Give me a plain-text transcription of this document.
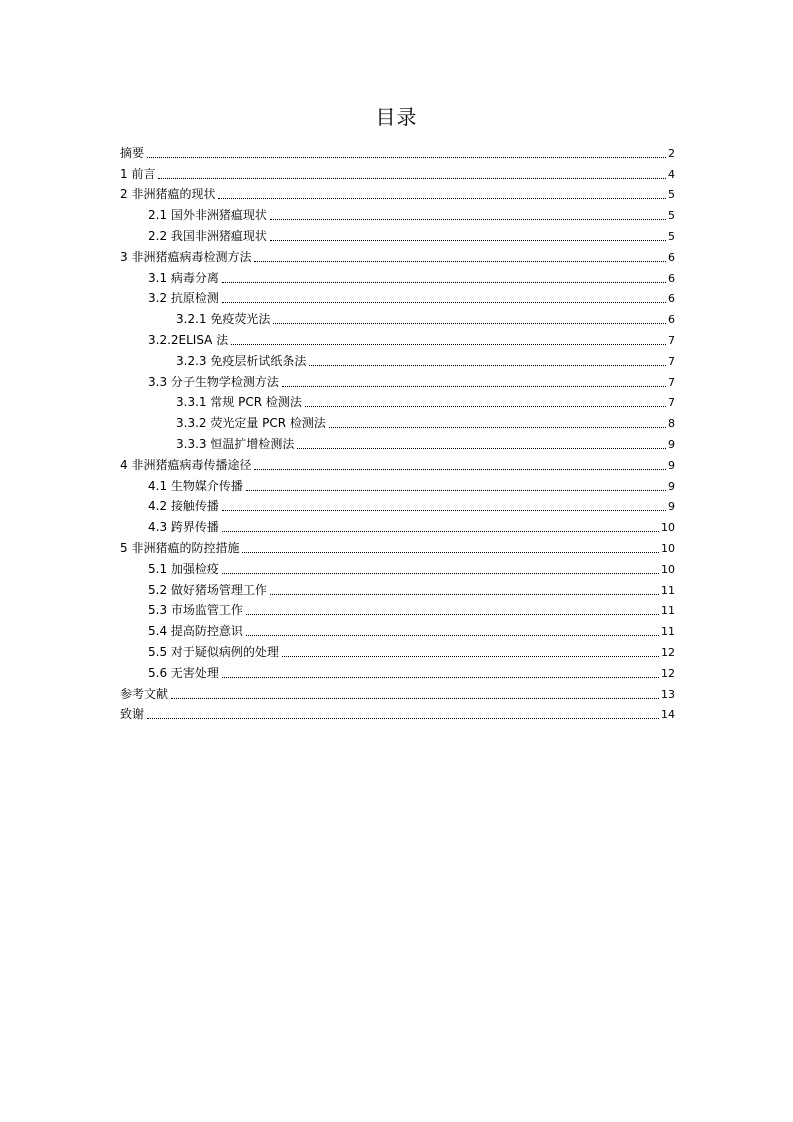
目录
摘要	2
1 前言	4
2 非洲猪瘟的现状	5
2.1 国外非洲猪瘟现状	5
2.2 我国非洲猪瘟现状	5
3 非洲猪瘟病毒检测方法	6
3.1 病毒分离	6
3.2 抗原检测	6
3.2.1 免疫荧光法	6
3.2.2ELISA 法	7
3.2.3 免疫层析试纸条法	7
3.3 分子生物学检测方法	7
3.3.1 常规 PCR 检测法	7
3.3.2 荧光定量 PCR 检测法	8
3.3.3 恒温扩增检测法	9
4 非洲猪瘟病毒传播途径	9
4.1 生物媒介传播	9
4.2 接触传播	9
4.3 跨界传播	10
5 非洲猪瘟的防控措施	10
5.1 加强检疫	10
5.2 做好猪场管理工作	11
5.3 市场监管工作	11
5.4 提高防控意识	11
5.5 对于疑似病例的处理	12
5.6 无害处理	12
参考文献	13
致谢	14
